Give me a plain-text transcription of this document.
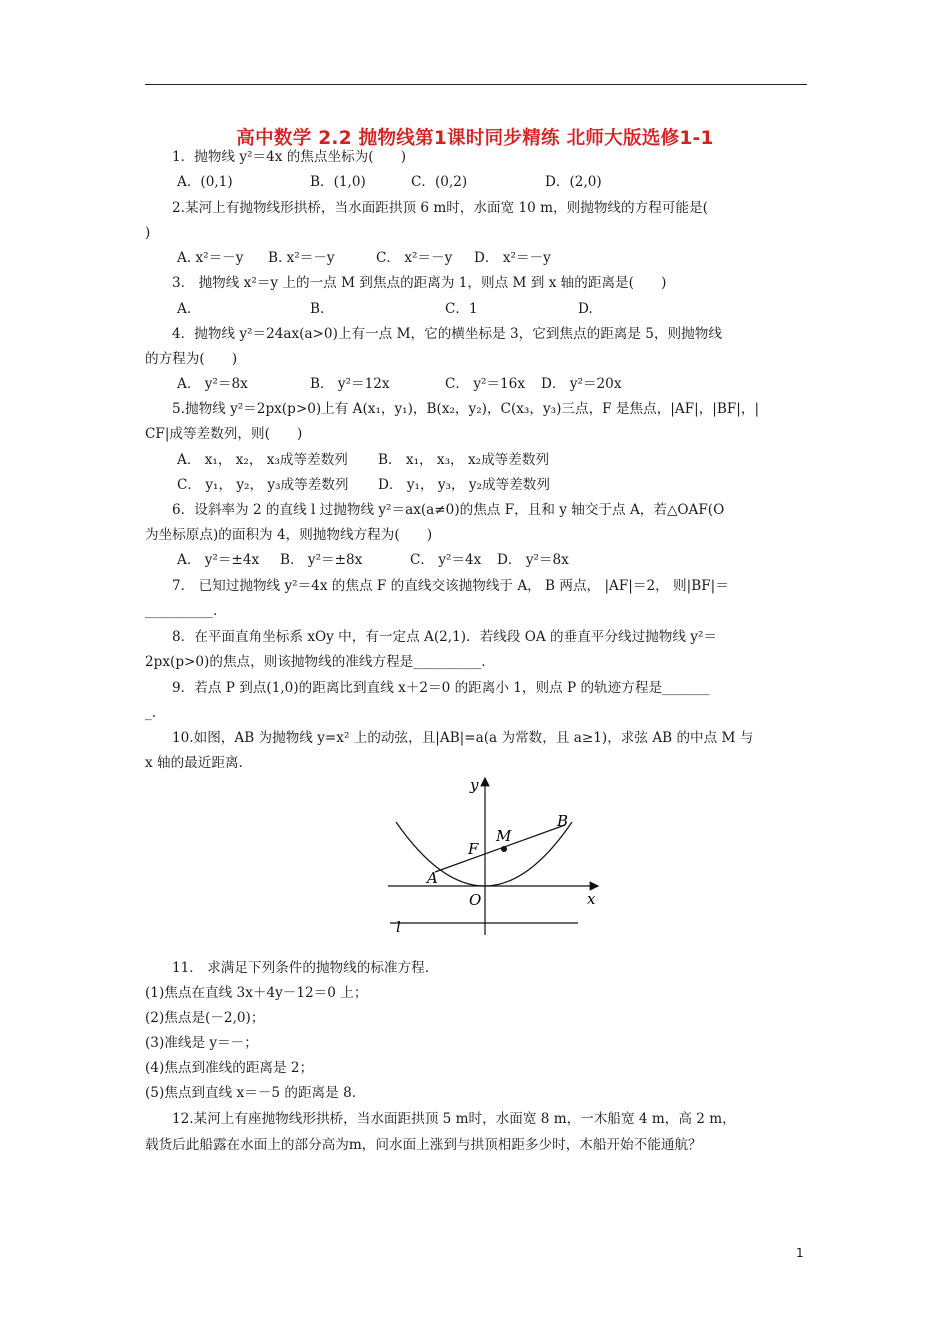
高中数学 2.2 抛物线第1课时同步精练 北师大版选修1-1
1．抛物线 y²＝4x 的焦点坐标为(　　)
A．(0,1)	B．(1,0)	C．(0,2)	D．(2,0)
2.某河上有抛物线形拱桥，当水面距拱顶 6 m时，水面宽 10 m，则抛物线的方程可能是(
)
A. x²＝－y B. x²＝－y	C． x²＝－y D． x²＝－y
3． 抛物线 x²＝y 上的一点 M 到焦点的距离为 1，则点 M 到 x 轴的距离是(　　)
A.	B.	C．1	D.
4．抛物线 y²＝24ax(a>0)上有一点 M，它的横坐标是 3，它到焦点的距离是 5，则抛物线
的方程为(　　)
A． y²＝8x	B． y²＝12x	C． y²＝16x D． y²＝20x
5.抛物线 y²＝2px(p>0)上有 A(x₁，y₁)，B(x₂，y₂)，C(x₃，y₃)三点，F 是焦点，|AF|，|BF|，|
CF|成等差数列，则(　　)
A． x₁， x₂， x₃成等差数列 B． x₁， x₃， x₂成等差数列
C． y₁， y₂， y₃成等差数列 D． y₁， y₃， y₂成等差数列
6．设斜率为 2 的直线 l 过抛物线 y²＝ax(a≠0)的焦点 F，且和 y 轴交于点 A，若△OAF(O
为坐标原点)的面积为 4，则抛物线方程为(　　)
A． y²＝±4x B． y²＝±8x	C． y²＝4x D． y²＝8x
7． 已知过抛物线 y²＝4x 的焦点 F 的直线交该抛物线于 A， B 两点， |AF|＝2， 则|BF|＝
__________.
8．在平面直角坐标系 xOy 中，有一定点 A(2,1)．若线段 OA 的垂直平分线过抛物线 y²＝
2px(p>0)的焦点，则该抛物线的准线方程是__________.
9．若点 P 到点(1,0)的距离比到直线 x＋2＝0 的距离小 1，则点 P 的轨迹方程是_______
_.
10.如图，AB 为抛物线 y=x² 上的动弦，且|AB|=a(a 为常数，且 a≥1)，求弦 AB 的中点 M 与
x 轴的最近距离.
y
x
O
l
A
B
F
M
11． 求满足下列条件的抛物线的标准方程.
(1)焦点在直线 3x＋4y－12＝0 上；
(2)焦点是(－2,0)；
(3)准线是 y＝－；
(4)焦点到准线的距离是 2；
(5)焦点到直线 x＝－5 的距离是 8.
12.某河上有座抛物线形拱桥，当水面距拱顶 5 m时，水面宽 8 m，一木船宽 4 m，高 2 m，
载货后此船露在水面上的部分高为m，问水面上涨到与拱顶相距多少时，木船开始不能通航？
1
